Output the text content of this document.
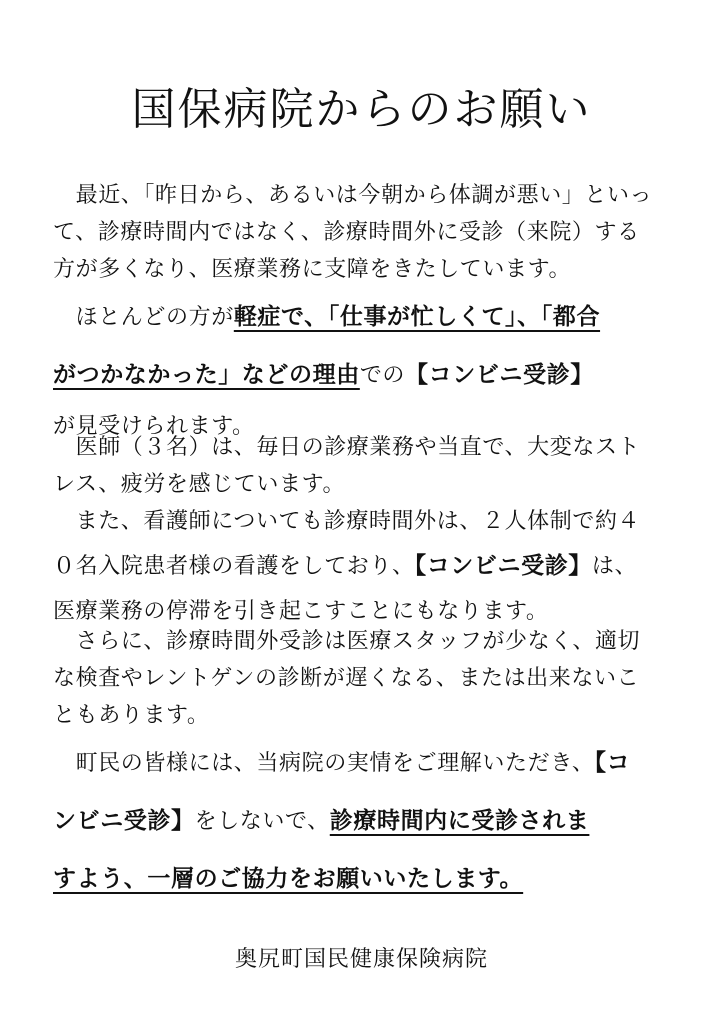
国保病院からのお願い
　最近、「昨日から、あるいは今朝から体調が悪い」といっ
て、診療時間内ではなく、診療時間外に受診（来院）する
方が多くなり、医療業務に支障をきたしています。
　ほとんどの方が軽症で、「仕事が忙しくて」、「都合
がつかなかった」などの理由での【コンビニ受診】
が見受けられます。
　医師（３名）は、毎日の診療業務や当直で、大変なスト
レス、疲労を感じています。
　また、看護師についても診療時間外は、２人体制で約４
０名入院患者様の看護をしており、【コンビニ受診】は、
医療業務の停滞を引き起こすことにもなります。
　さらに、診療時間外受診は医療スタッフが少なく、適切
な検査やレントゲンの診断が遅くなる、または出来ないこ
ともあります。
　町民の皆様には、当病院の実情をご理解いただき、【コ
ンビニ受診】をしないで、診療時間内に受診されま
すよう、一層のご協力をお願いいたします。
奥尻町国民健康保険病院
